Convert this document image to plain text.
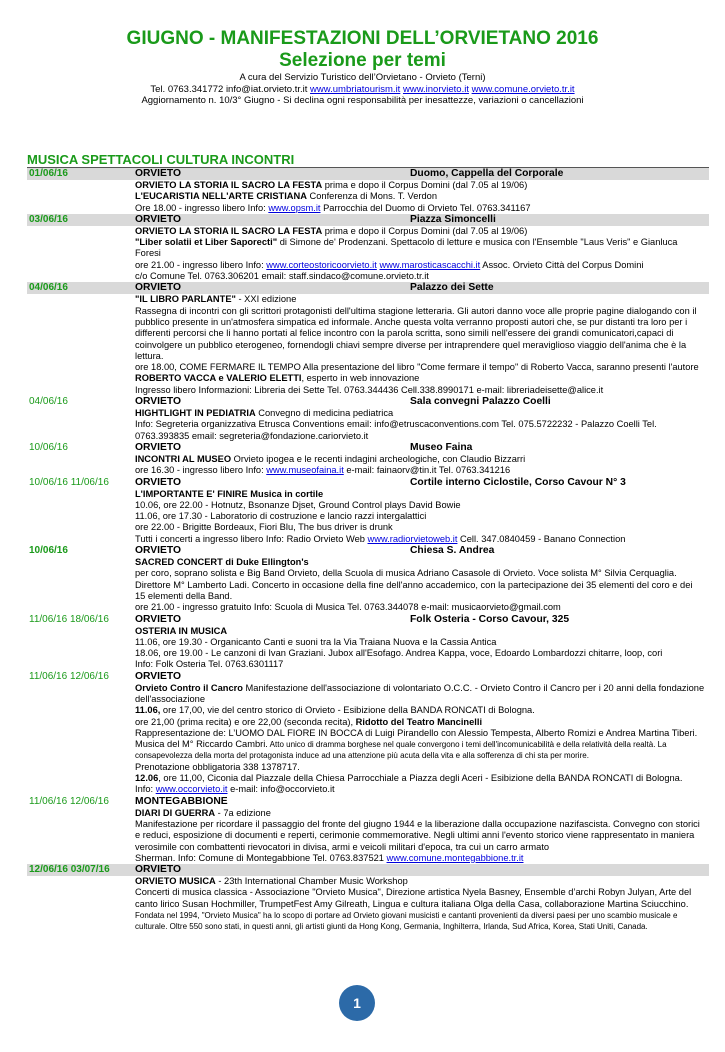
GIUGNO - MANIFESTAZIONI DELL’ORVIETANO 2016
Selezione per temi
A cura del Servizio Turistico dell’Orvietano - Orvieto (Terni)
Tel. 0763.341772 info@iat.orvieto.tr.it www.umbriatourism.it www.inorvieto.it www.comune.orvieto.tr.it
Aggiornamento n. 10/3° Giugno - Si declina ogni responsabilità per inesattezze, variazioni o cancellazioni
MUSICA SPETTACOLI CULTURA INCONTRI
01/06/16	ORVIETO	Duomo, Cappella del Corporale
ORVIETO LA STORIA IL SACRO LA FESTA prima e dopo il Corpus Domini (dal 7.05 al 19/06)
L'EUCARISTIA NELL'ARTE CRISTIANA Conferenza di Mons. T. Verdon
Ore 18.00 - ingresso libero Info: www.opsm.it Parrocchia del Duomo di Orvieto Tel. 0763.341167
03/06/16	ORVIETO	Piazza Simoncelli
ORVIETO LA STORIA IL SACRO LA FESTA prima e dopo il Corpus Domini (dal 7.05 al 19/06)
"Liber solatii et Liber Saporecti" di Simone de' Prodenzani. Spettacolo di letture e musica con l'Ensemble "Laus Veris" e Gianluca Foresi
ore 21.00 - ingresso libero Info: www.corteostoricoorvieto.it www.marosticascacchi.it Assoc. Orvieto Città del Corpus Domini
c/o Comune Tel. 0763.306201 email: staff.sindaco@comune.orvieto.tr.it
04/06/16	ORVIETO	Palazzo dei Sette
"IL LIBRO PARLANTE" - XXI edizione
Rassegna di incontri con gli scrittori protagonisti dell'ultima stagione letteraria. Gli autori danno voce alle proprie pagine dialogando con il pubblico presente in un'atmosfera simpatica ed informale. Anche questa volta verranno proposti autori che, se pur distanti tra loro per i differenti percorsi che li hanno portati al felice incontro con la parola scritta, sono simili nell'essere dei grandi comunicatori,capaci di coinvolgere un pubblico eterogeneo, fornendogli chiavi sempre diverse per intraprendere quel meraviglioso viaggio dell'anima che è la lettura.
ore 18.00, COME FERMARE IL TEMPO Alla presentazione del libro "Come fermare il tempo" di Roberto Vacca, saranno presenti l'autore ROBERTO VACCA e VALERIO ELETTI, esperto in web innovazione
Ingresso libero Informazioni: Libreria dei Sette Tel. 0763.344436 Cell.338.8990171 e-mail: libreriadeisette@alice.it
04/06/16	ORVIETO	Sala convegni Palazzo Coelli
HIGHTLIGHT IN PEDIATRIA Convegno di medicina pediatrica
Info: Segreteria organizzativa Etrusca Conventions email: info@etruscaconventions.com Tel. 075.5722232 - Palazzo Coelli Tel. 0763.393835 email: segreteria@fondazione.cariorvieto.it
10/06/16	ORVIETO	Museo Faina
INCONTRI AL MUSEO Orvieto ipogea e le recenti indagini archeologiche, con Claudio Bizzarri
ore 16.30 - ingresso libero Info: www.museofaina.it e-mail: fainaorv@tin.it Tel. 0763.341216
10/06/16 11/06/16	ORVIETO	Cortile interno Ciclostile, Corso Cavour N° 3
L'IMPORTANTE E' FINIRE Musica in cortile
10.06, ore 22.00 - Hotnutz, Bsonanze Djset, Ground Control plays David Bowie
11.06, ore 17.30 - Laboratorio di costruzione e lancio razzi intergalattici
ore 22.00 - Brigitte Bordeaux, Fiori Blu, The bus driver is drunk
Tutti i concerti a ingresso libero Info: Radio Orvieto Web www.radiorvietoweb.it Cell. 347.0840459 - Banano Connection
10/06/16	ORVIETO	Chiesa S. Andrea
SACRED CONCERT di Duke Ellington's
per coro, soprano solista e Big Band Orvieto, della Scuola di musica Adriano Casasole di Orvieto. Voce solista M° Silvia Cerquaglia. Direttore M° Lamberto Ladi. Concerto in occasione della fine dell'anno accademico, con la partecipazione dei 35 elementi del coro e dei 15 elementi della Band.
ore 21.00 - ingresso gratuito Info: Scuola di Musica Tel. 0763.344078 e-mail: musicaorvieto@gmail.com
11/06/16 18/06/16	ORVIETO	Folk Osteria - Corso Cavour, 325
OSTERIA IN MUSICA
11.06, ore 19.30 - Organicanto Canti e suoni tra la Via Traiana Nuova e la Cassia Antica
18.06, ore 19.00 - Le canzoni di Ivan Graziani. Jubox all'Esofago. Andrea Kappa, voce, Edoardo Lombardozzi chitarre, loop, cori
Info: Folk Osteria Tel. 0763.6301117
11/06/16 12/06/16	ORVIETO
Orvieto Contro il Cancro Manifestazione dell'associazione di volontariato O.C.C. - Orvieto Contro il Cancro per i 20 anni della fondazione dell'associazione
11.06, ore 17,00, vie del centro storico di Orvieto - Esibizione della BANDA RONCATI di Bologna.
ore 21,00 (prima recita) e ore 22,00 (seconda recita), Ridotto del Teatro Mancinelli
Rappresentazione de: L’UOMO DAL FIORE IN BOCCA di Luigi Pirandello con Alessio Tempesta, Alberto Romizi e Andrea Martina Tiberi. Musica del M° Riccardo Cambri. Atto unico di dramma borghese nel quale convergono i temi dell'incomunicabilità e della relatività della realtà. La consapevolezza della morta del protagonista induce ad una attenzione più acuta della vita e alla sofferenza di chi sta per morire.
Prenotazione obbligatoria 338 1378717.
12.06, ore 11,00, Ciconia dal Piazzale della Chiesa Parrocchiale a Piazza degli Aceri - Esibizione della BANDA RONCATI di Bologna.
Info: www.occorvieto.it e-mail: info@occorvieto.it
11/06/16 12/06/16	MONTEGABBIONE
DIARI DI GUERRA - 7a edizione
Manifestazione per ricordare il passaggio del fronte del giugno 1944 e la liberazione dalla occupazione nazifascista. Convegno con storici e reduci, esposizione di documenti e reperti, cerimonie commemorative. Negli ultimi anni l'evento storico viene rappresentato in maniera verosimile con combattenti rievocatori in divisa, armi e veicoli militari d'epoca, tra cui un carro armato
Sherman. Info: Comune di Montegabbione Tel. 0763.837521 www.comune.montegabbione.tr.it
12/06/16 03/07/16 ORVIETO
ORVIETO MUSICA - 23th International Chamber Music Workshop
Concerti di musica classica - Associazione "Orvieto Musica", Direzione artistica Nyela Basney, Ensemble d’archi Robyn Julyan, Arte del canto lirico Susan Hochmiller, TrumpetFest Amy Gilreath, Lingua e cultura italiana Olga della Casa, collaborazione Martina Sciucchino. Fondata nel 1994, "Orvieto Musica" ha lo scopo di portare ad Orvieto giovani musicisti e cantanti provenienti da diversi paesi per uno scambio musicale e culturale. Oltre 550 sono stati, in questi anni, gli artisti giunti da Hong Kong, Germania, Inghilterra, Irlanda, Sud Africa, Korea, Stati Uniti, Canada.
1
